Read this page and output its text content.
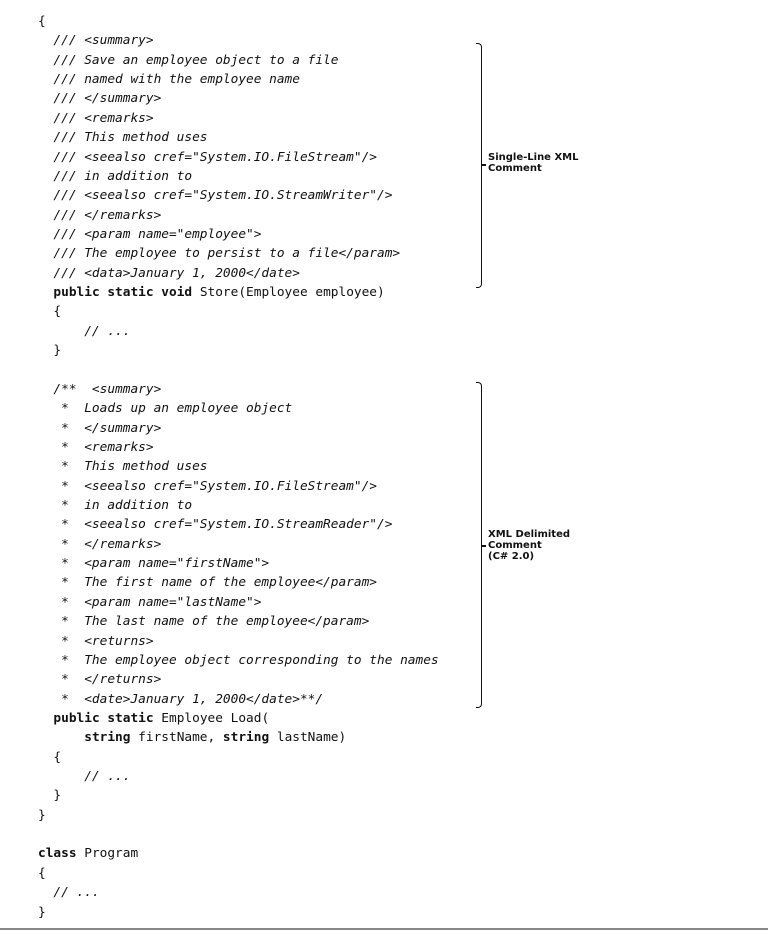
{
/// <summary>
/// Save an employee object to a file
/// named with the employee name
/// </summary>
/// <remarks>
/// This method uses
/// <seealso cref="System.IO.FileStream"/>
/// in addition to
/// <seealso cref="System.IO.StreamWriter"/>
/// </remarks>
/// <param name="employee">
/// The employee to persist to a file</param>
/// <data>January 1, 2000</date>
public static void Store(Employee employee)
{
// ...
}
/**  <summary>
*  Loads up an employee object
*  </summary>
*  <remarks>
*  This method uses
*  <seealso cref="System.IO.FileStream"/>
*  in addition to
*  <seealso cref="System.IO.StreamReader"/>
*  </remarks>
*  <param name="firstName">
*  The first name of the employee</param>
*  <param name="lastName">
*  The last name of the employee</param>
*  <returns>
*  The employee object corresponding to the names
*  </returns>
*  <date>January 1, 2000</date>**/
public static Employee Load(
string firstName, string lastName)
{
// ...
}
}
class Program
{
// ...
}
Single-Line XML
Comment
XML Delimited
Comment
(C# 2.0)
